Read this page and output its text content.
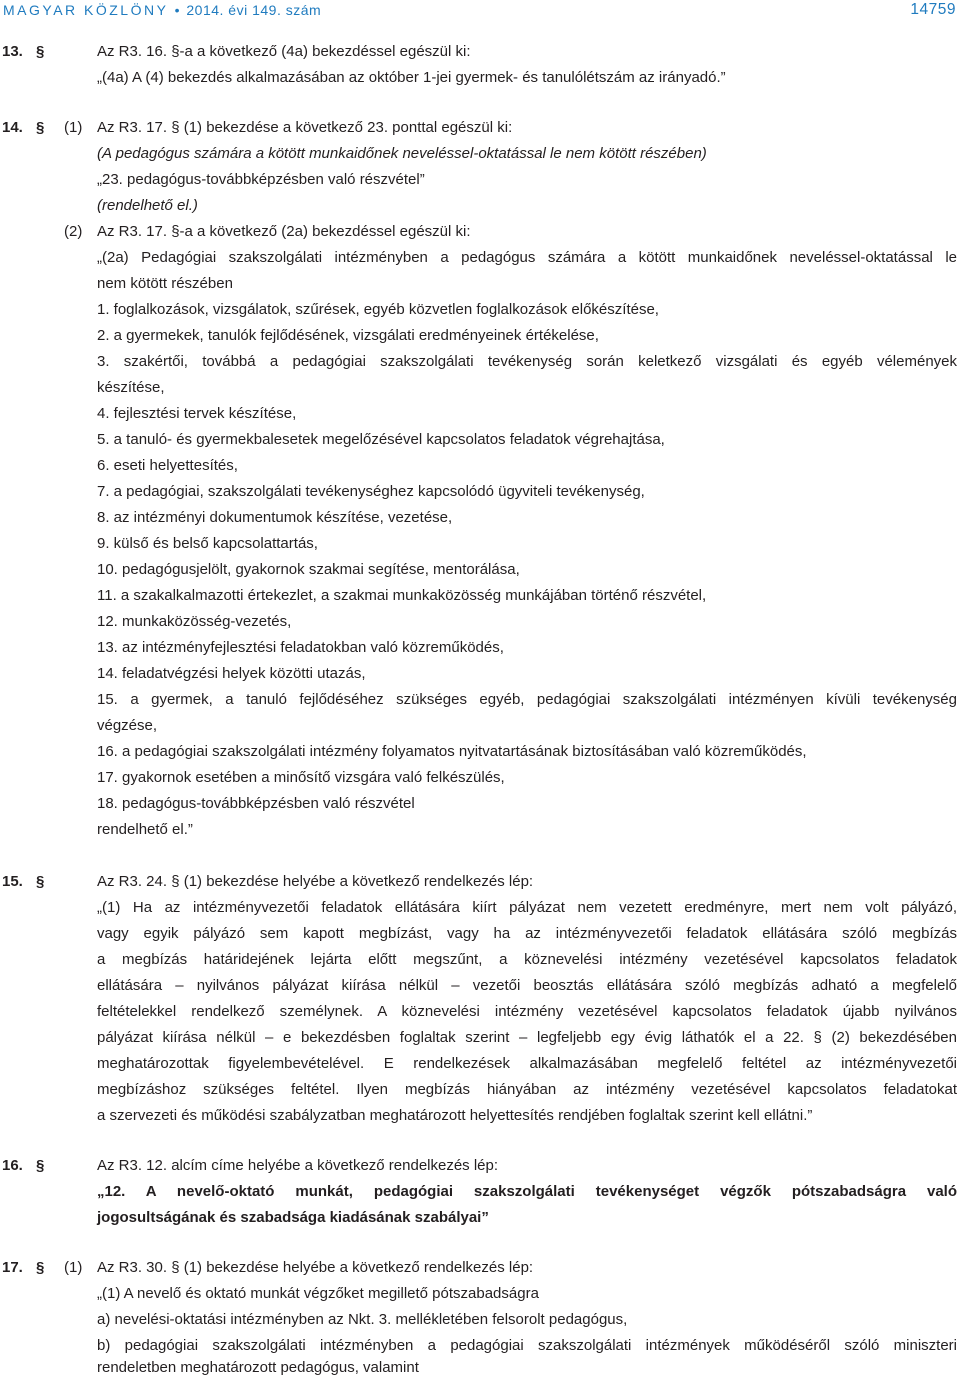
MAGYAR KÖZLÖNY • 2014. évi 149. szám	14759
13. §	Az R3. 16. §-a a következő (4a) bekezdéssel egészül ki:
„(4a) A (4) bekezdés alkalmazásában az október 1-jei gyermek- és tanulólétszám az irányadó.”
14. § (1) Az R3. 17. § (1) bekezdése a következő 23. ponttal egészül ki:
(A pedagógus számára a kötött munkaidőnek neveléssel-oktatással le nem kötött részében)
„23. pedagógus-továbbképzésben való részvétel”
(rendelhető el.)
(2) Az R3. 17. §-a a következő (2a) bekezdéssel egészül ki:
„(2a) Pedagógiai szakszolgálati intézményben a pedagógus számára a kötött munkaidőnek neveléssel-oktatással le
nem kötött részében
1. foglalkozások, vizsgálatok, szűrések, egyéb közvetlen foglalkozások előkészítése,
2. a gyermekek, tanulók fejlődésének, vizsgálati eredményeinek értékelése,
3. szakértői, továbbá a pedagógiai szakszolgálati tevékenység során keletkező vizsgálati és egyéb vélemények
készítése,
4. fejlesztési tervek készítése,
5. a tanuló- és gyermekbalesetek megelőzésével kapcsolatos feladatok végrehajtása,
6. eseti helyettesítés,
7. a pedagógiai, szakszolgálati tevékenységhez kapcsolódó ügyviteli tevékenység,
8. az intézményi dokumentumok készítése, vezetése,
9. külső és belső kapcsolattartás,
10. pedagógusjelölt, gyakornok szakmai segítése, mentorálása,
11. a szakalkalmazotti értekezlet, a szakmai munkaközösség munkájában történő részvétel,
12. munkaközösség-vezetés,
13. az intézményfejlesztési feladatokban való közreműködés,
14. feladatvégzési helyek közötti utazás,
15. a gyermek, a tanuló fejlődéséhez szükséges egyéb, pedagógiai szakszolgálati intézményen kívüli tevékenység
végzése,
16. a pedagógiai szakszolgálati intézmény folyamatos nyitvatartásának biztosításában való közreműködés,
17. gyakornok esetében a minősítő vizsgára való felkészülés,
18. pedagógus-továbbképzésben való részvétel
rendelhető el.”
15. §	Az R3. 24. § (1) bekezdése helyébe a következő rendelkezés lép:
„(1) Ha az intézményvezetői feladatok ellátására kiírt pályázat nem vezetett eredményre, mert nem volt pályázó,
vagy egyik pályázó sem kapott megbízást, vagy ha az intézményvezetői feladatok ellátására szóló megbízás
a megbízás határidejének lejárta előtt megszűnt, a köznevelési intézmény vezetésével kapcsolatos feladatok
ellátására – nyilvános pályázat kiírása nélkül – vezetői beosztás ellátására szóló megbízás adható a megfelelő
feltételekkel rendelkező személynek. A köznevelési intézmény vezetésével kapcsolatos feladatok újabb nyilvános
pályázat kiírása nélkül – e bekezdésben foglaltak szerint – legfeljebb egy évig láthatók el a 22. § (2) bekezdésében
meghatározottak figyelembevételével. E rendelkezések alkalmazásában megfelelő feltétel az intézményvezetői
megbízáshoz szükséges feltétel. Ilyen megbízás hiányában az intézmény vezetésével kapcsolatos feladatokat
a szervezeti és működési szabályzatban meghatározott helyettesítés rendjében foglaltak szerint kell ellátni.”
16. §	Az R3. 12. alcím címe helyébe a következő rendelkezés lép:
„12. A nevelő-oktató munkát, pedagógiai szakszolgálati tevékenységet végzők pótszabadságra való
jogosultságának és szabadsága kiadásának szabályai”
17. § (1) Az R3. 30. § (1) bekezdése helyébe a következő rendelkezés lép:
„(1) A nevelő és oktató munkát végzőket megillető pótszabadságra
a) nevelési-oktatási intézményben az Nkt. 3. mellékletében felsorolt pedagógus,
b) pedagógiai szakszolgálati intézményben a pedagógiai szakszolgálati intézmények működéséről szóló miniszteri
rendeletben meghatározott pedagógus, valamint
